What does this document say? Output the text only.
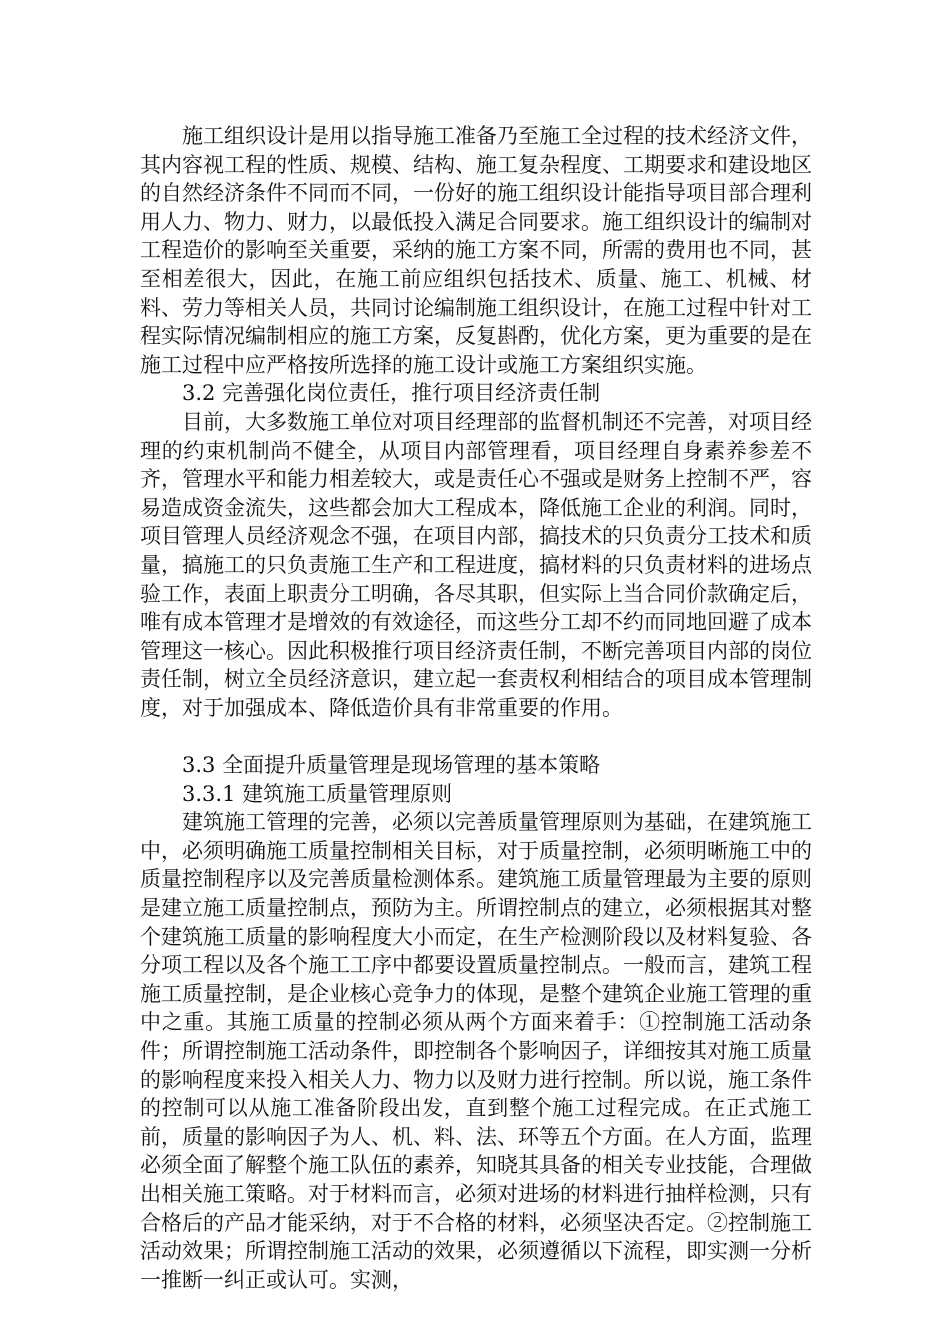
施工组织设计是用以指导施工准备乃至施工全过程的技术经济文件，其内容视工程的性质、规模、结构、施工复杂程度、工期要求和建设地区的自然经济条件不同而不同，一份好的施工组织设计能指导项目部合理利用人力、物力、财力，以最低投入满足合同要求。施工组织设计的编制对工程造价的影响至关重要，采纳的施工方案不同，所需的费用也不同，甚至相差很大，因此，在施工前应组织包括技术、质量、施工、机械、材料、劳力等相关人员，共同讨论编制施工组织设计，在施工过程中针对工程实际情况编制相应的施工方案，反复斟酌，优化方案，更为重要的是在施工过程中应严格按所选择的施工设计或施工方案组织实施。

3.2 完善强化岗位责任，推行项目经济责任制

目前，大多数施工单位对项目经理部的监督机制还不完善，对项目经理的约束机制尚不健全，从项目内部管理看，项目经理自身素养参差不齐，管理水平和能力相差较大，或是责任心不强或是财务上控制不严，容易造成资金流失，这些都会加大工程成本，降低施工企业的利润。同时，项目管理人员经济观念不强，在项目内部，搞技术的只负责分工技术和质量，搞施工的只负责施工生产和工程进度，搞材料的只负责材料的进场点验工作，表面上职责分工明确，各尽其职，但实际上当合同价款确定后，唯有成本管理才是增效的有效途径，而这些分工却不约而同地回避了成本管理这一核心。因此积极推行项目经济责任制，不断完善项目内部的岗位责任制，树立全员经济意识，建立起一套责权利相结合的项目成本管理制度，对于加强成本、降低造价具有非常重要的作用。

3.3 全面提升质量管理是现场管理的基本策略

3.3.1 建筑施工质量管理原则

建筑施工管理的完善，必须以完善质量管理原则为基础，在建筑施工中，必须明确施工质量控制相关目标，对于质量控制，必须明晰施工中的质量控制程序以及完善质量检测体系。建筑施工质量管理最为主要的原则是建立施工质量控制点，预防为主。所谓控制点的建立，必须根据其对整个建筑施工质量的影响程度大小而定，在生产检测阶段以及材料复验、各分项工程以及各个施工工序中都要设置质量控制点。一般而言，建筑工程施工质量控制，是企业核心竞争力的体现，是整个建筑企业施工管理的重中之重。其施工质量的控制必须从两个方面来着手：①控制施工活动条件；所谓控制施工活动条件，即控制各个影响因子，详细按其对施工质量的影响程度来投入相关人力、物力以及财力进行控制。所以说，施工条件的控制可以从施工准备阶段出发，直到整个施工过程完成。在正式施工前，质量的影响因子为人、机、料、法、环等五个方面。在人方面，监理必须全面了解整个施工队伍的素养，知晓其具备的相关专业技能，合理做出相关施工策略。对于材料而言，必须对进场的材料进行抽样检测，只有合格后的产品才能采纳，对于不合格的材料，必须坚决否定。②控制施工活动效果；所谓控制施工活动的效果，必须遵循以下流程，即实测一分析一推断一纠正或认可。实测，
